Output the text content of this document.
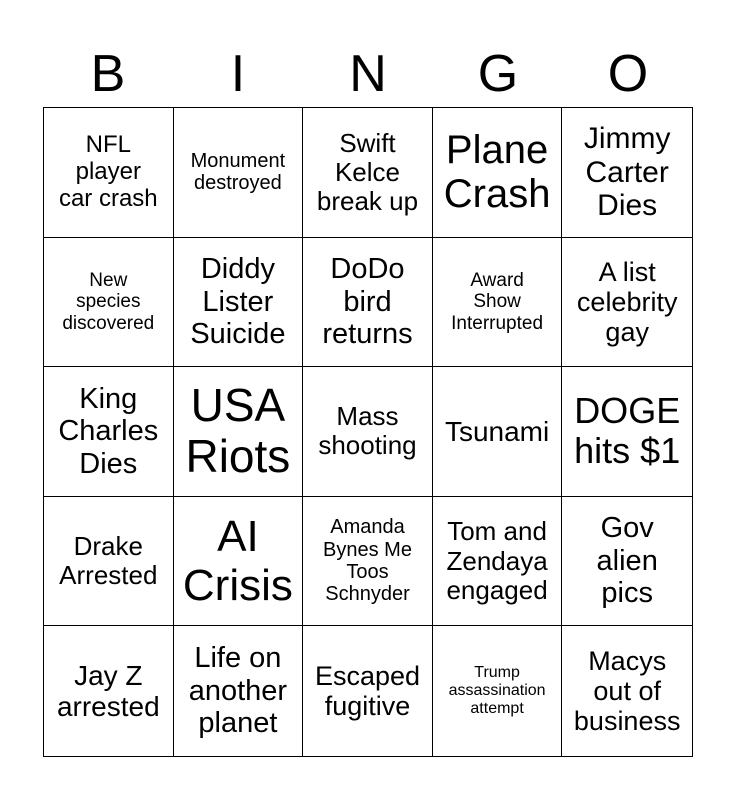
B	I	N	G	O
NFL
player
car crash
Monument
destroyed
Swift
Kelce
break up
Plane
Crash
Jimmy
Carter
Dies
New
species
discovered
Diddy
Lister
Suicide
DoDo
bird
returns
Award
Show
Interrupted
A list
celebrity
gay
King
Charles
Dies
USA
Riots
Mass
shooting	Tsunami
DOGE
hits $1
Drake
Arrested
AI
Crisis
Amanda
Bynes Me
Toos
Schnyder
Tom and
Zendaya
engaged
Gov
alien
pics
Jay Z
arrested
Life on
another
planet
Escaped
fugitive
Trump
assassination
attempt
Macys
out of
business
